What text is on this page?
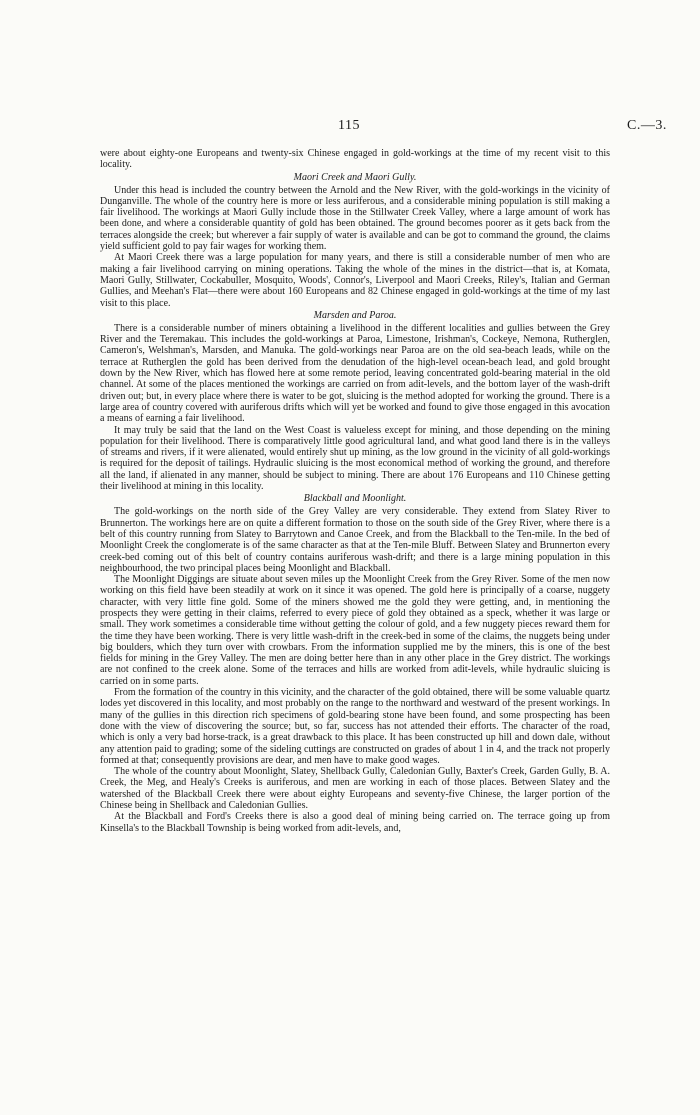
115	C.—3.

were about eighty-one Europeans and twenty-six Chinese engaged in gold-workings at the time of my recent visit to this locality.

Maori Creek and Maori Gully.

Under this head is included the country between the Arnold and the New River, with the gold-workings in the vicinity of Dunganville. The whole of the country here is more or less auriferous, and a considerable mining population is still making a fair livelihood. The workings at Maori Gully include those in the Stillwater Creek Valley, where a large amount of work has been done, and where a considerable quantity of gold has been obtained. The ground becomes poorer as it gets back from the terraces alongside the creek; but wherever a fair supply of water is available and can be got to command the ground, the claims yield sufficient gold to pay fair wages for working them.

At Maori Creek there was a large population for many years, and there is still a considerable number of men who are making a fair livelihood carrying on mining operations. Taking the whole of the mines in the district—that is, at Komata, Maori Gully, Stillwater, Cockabuller, Mosquito, Woods', Connor's, Liverpool and Maori Creeks, Riley's, Italian and German Gullies, and Meehan's Flat—there were about 160 Europeans and 82 Chinese engaged in gold-workings at the time of my last visit to this place.

Marsden and Paroa.

There is a considerable number of miners obtaining a livelihood in the different localities and gullies between the Grey River and the Teremakau. This includes the gold-workings at Paroa, Limestone, Irishman's, Cockeye, Nemona, Rutherglen, Cameron's, Welshman's, Marsden, and Manuka. The gold-workings near Paroa are on the old sea-beach leads, while on the terrace at Rutherglen the gold has been derived from the denudation of the high-level ocean-beach lead, and gold brought down by the New River, which has flowed here at some remote period, leaving concentrated gold-bearing material in the old channel. At some of the places mentioned the workings are carried on from adit-levels, and the bottom layer of the wash-drift driven out; but, in every place where there is water to be got, sluicing is the method adopted for working the ground. There is a large area of country covered with auriferous drifts which will yet be worked and found to give those engaged in this avocation a means of earning a fair livelihood.

It may truly be said that the land on the West Coast is valueless except for mining, and those depending on the mining population for their livelihood. There is comparatively little good agricultural land, and what good land there is in the valleys of streams and rivers, if it were alienated, would entirely shut up mining, as the low ground in the vicinity of all gold-workings is required for the deposit of tailings. Hydraulic sluicing is the most economical method of working the ground, and therefore all the land, if alienated in any manner, should be subject to mining. There are about 176 Europeans and 110 Chinese getting their livelihood at mining in this locality.

Blackball and Moonlight.

The gold-workings on the north side of the Grey Valley are very considerable. They extend from Slatey River to Brunnerton. The workings here are on quite a different formation to those on the south side of the Grey River, where there is a belt of this country running from Slatey to Barrytown and Canoe Creek, and from the Blackball to the Ten-mile. In the bed of Moonlight Creek the conglomerate is of the same character as that at the Ten-mile Bluff. Between Slatey and Brunnerton every creek-bed coming out of this belt of country contains auriferous wash-drift; and there is a large mining population in this neighbourhood, the two principal places being Moonlight and Blackball.

The Moonlight Diggings are situate about seven miles up the Moonlight Creek from the Grey River. Some of the men now working on this field have been steadily at work on it since it was opened. The gold here is principally of a coarse, nuggety character, with very little fine gold. Some of the miners showed me the gold they were getting, and, in mentioning the prospects they were getting in their claims, referred to every piece of gold they obtained as a speck, whether it was large or small. They work sometimes a considerable time without getting the colour of gold, and a few nuggety pieces reward them for the time they have been working. There is very little wash-drift in the creek-bed in some of the claims, the nuggets being under big boulders, which they turn over with crowbars. From the information supplied me by the miners, this is one of the best fields for mining in the Grey Valley. The men are doing better here than in any other place in the Grey district. The workings are not confined to the creek alone. Some of the terraces and hills are worked from adit-levels, while hydraulic sluicing is carried on in some parts.

From the formation of the country in this vicinity, and the character of the gold obtained, there will be some valuable quartz lodes yet discovered in this locality, and most probably on the range to the northward and westward of the present workings. In many of the gullies in this direction rich specimens of gold-bearing stone have been found, and some prospecting has been done with the view of discovering the source; but, so far, success has not attended their efforts. The character of the road, which is only a very bad horse-track, is a great drawback to this place. It has been constructed up hill and down dale, without any attention paid to grading; some of the sideling cuttings are constructed on grades of about 1 in 4, and the track not properly formed at that; consequently provisions are dear, and men have to make good wages.

The whole of the country about Moonlight, Slatey, Shellback Gully, Caledonian Gully, Baxter's Creek, Garden Gully, B. A. Creek, the Meg, and Healy's Creeks is auriferous, and men are working in each of those places. Between Slatey and the watershed of the Blackball Creek there were about eighty Europeans and seventy-five Chinese, the larger portion of the Chinese being in Shellback and Caledonian Gullies.

At the Blackball and Ford's Creeks there is also a good deal of mining being carried on. The terrace going up from Kinsella's to the Blackball Township is being worked from adit-levels, and,
